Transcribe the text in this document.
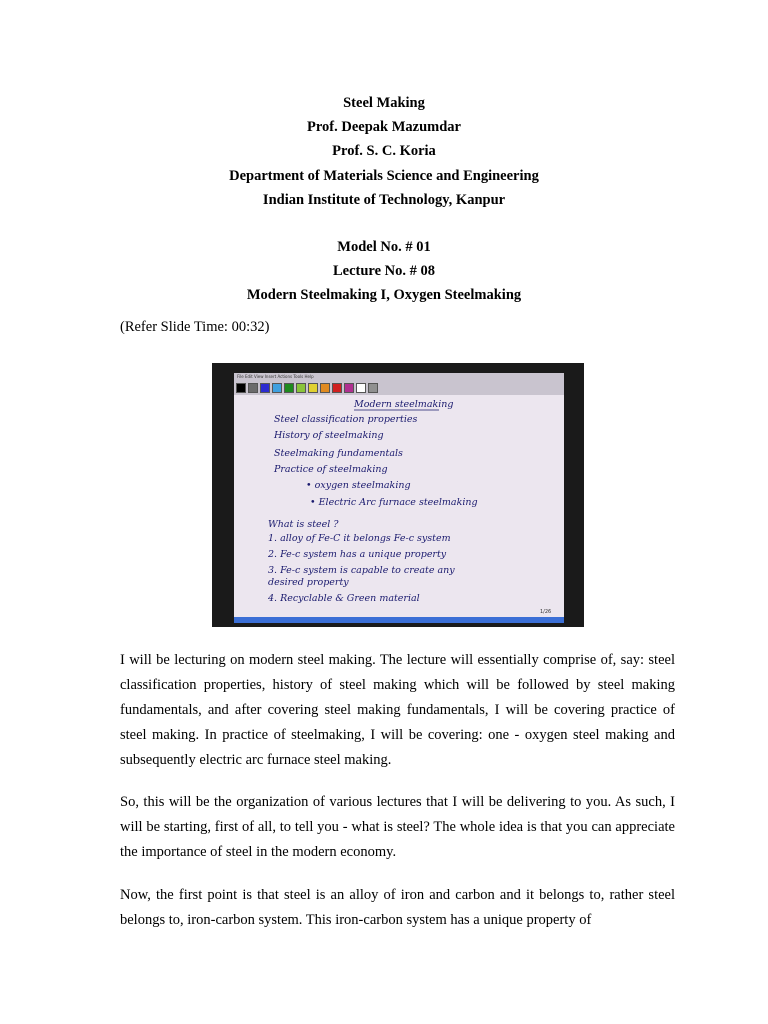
Steel Making
Prof. Deepak Mazumdar
Prof. S. C. Koria
Department of Materials Science and Engineering
Indian Institute of Technology, Kanpur
Model No. # 01
Lecture No. # 08
Modern Steelmaking I, Oxygen Steelmaking
(Refer Slide Time: 00:32)
File Edit View Insert Actions Tools Help
Modern steelmaking
Steel classification properties
History of steelmaking
Steelmaking fundamentals
Practice of steelmaking
• oxygen steelmaking
• Electric Arc furnace steelmaking
What is steel ?
1. alloy of Fe-C it belongs Fe-c system
2. Fe-c system has a unique property
3. Fe-c system is capable to create any
desired property
4. Recyclable & Green material
1/26
I will be lecturing on modern steel making. The lecture will essentially comprise of, say: steel classification properties, history of steel making which will be followed by steel making fundamentals, and after covering steel making fundamentals, I will be covering practice of steel making. In practice of steelmaking, I will be covering: one - oxygen steel making and subsequently electric arc furnace steel making.
So, this will be the organization of various lectures that I will be delivering to you. As such, I will be starting, first of all, to tell you - what is steel? The whole idea is that you can appreciate the importance of steel in the modern economy.
Now, the first point is that steel is an alloy of iron and carbon and it belongs to, rather steel belongs to, iron-carbon system. This iron-carbon system has a unique property of
